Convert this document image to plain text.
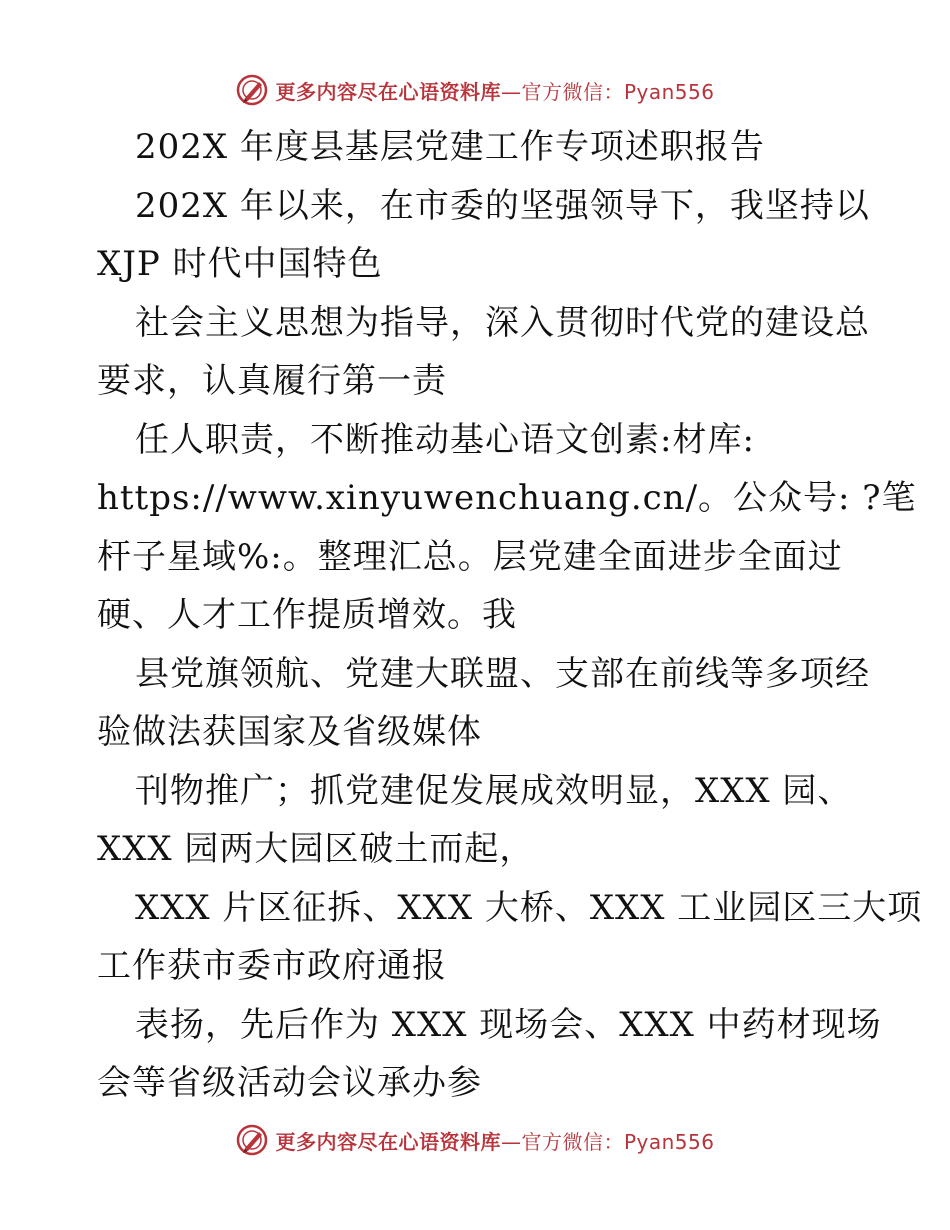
更多内容尽在心语资料库—官方微信：Pyan556
202X 年度县基层党建工作专项述职报告
202X 年以来，在市委的坚强领导下，我坚持以
XJP 时代中国特色
社会主义思想为指导，深入贯彻时代党的建设总
要求，认真履行第一责
任人职责，不断推动基心语文创素:材库:
https://www.xinyuwenchuang.cn/。公众号: ?笔
杆子星域%:。整理汇总。层党建全面进步全面过
硬、人才工作提质增效。我
县党旗领航、党建大联盟、支部在前线等多项经
验做法获国家及省级媒体
刊物推广；抓党建促发展成效明显，XXX 园、
XXX 园两大园区破土而起，
XXX 片区征拆、XXX 大桥、XXX 工业园区三大项
工作获市委市政府通报
表扬，先后作为 XXX 现场会、XXX 中药材现场
会等省级活动会议承办参
更多内容尽在心语资料库—官方微信：Pyan556
